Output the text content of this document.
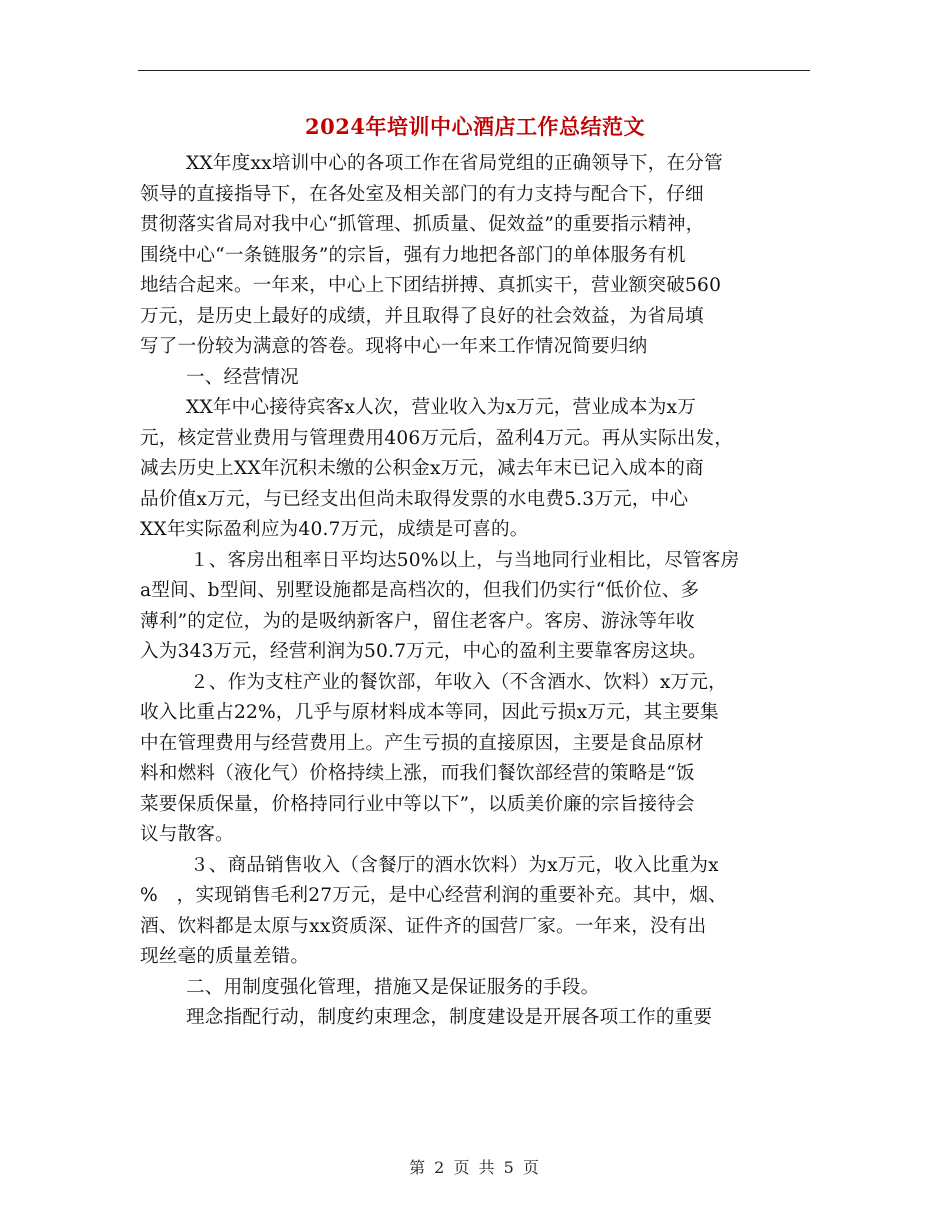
2024年培训中心酒店工作总结范文
XX年度xx培训中心的各项工作在省局党组的正确领导下，在分管
领导的直接指导下，在各处室及相关部门的有力支持与配合下，仔细
贯彻落实省局对我中心“抓管理、抓质量、促效益”的重要指示精神，
围绕中心“一条链服务”的宗旨，强有力地把各部门的单体服务有机
地结合起来。一年来，中心上下团结拼搏、真抓实干，营业额突破560
万元，是历史上最好的成绩，并且取得了良好的社会效益，为省局填
写了一份较为满意的答卷。现将中心一年来工作情况简要归纳
一、经营情况
XX年中心接待宾客x人次，营业收入为x万元，营业成本为x万
元，核定营业费用与管理费用406万元后，盈利4万元。再从实际出发，
减去历史上XX年沉积未缴的公积金x万元，减去年末已记入成本的商
品价值x万元，与已经支出但尚未取得发票的水电费5.3万元，中心
XX年实际盈利应为40.7万元，成绩是可喜的。
１、客房出租率日平均达50%以上，与当地同行业相比，尽管客房
a型间、b型间、别墅设施都是高档次的，但我们仍实行“低价位、多
薄利”的定位，为的是吸纳新客户，留住老客户。客房、游泳等年收
入为343万元，经营利润为50.7万元，中心的盈利主要靠客房这块。
２、作为支柱产业的餐饮部，年收入（不含酒水、饮料）x万元，
收入比重占22%，几乎与原材料成本等同，因此亏损x万元，其主要集
中在管理费用与经营费用上。产生亏损的直接原因，主要是食品原材
料和燃料（液化气）价格持续上涨，而我们餐饮部经营的策略是“饭
菜要保质保量，价格持同行业中等以下”，以质美价廉的宗旨接待会
议与散客。
３、商品销售收入（含餐厅的酒水饮料）为x万元，收入比重为x
%　，实现销售毛利27万元，是中心经营利润的重要补充。其中，烟、
酒、饮料都是太原与xx资质深、证件齐的国营厂家。一年来，没有出
现丝毫的质量差错。
二、用制度强化管理，措施又是保证服务的手段。
理念指配行动，制度约束理念，制度建设是开展各项工作的重要
第 2 页 共 5 页
